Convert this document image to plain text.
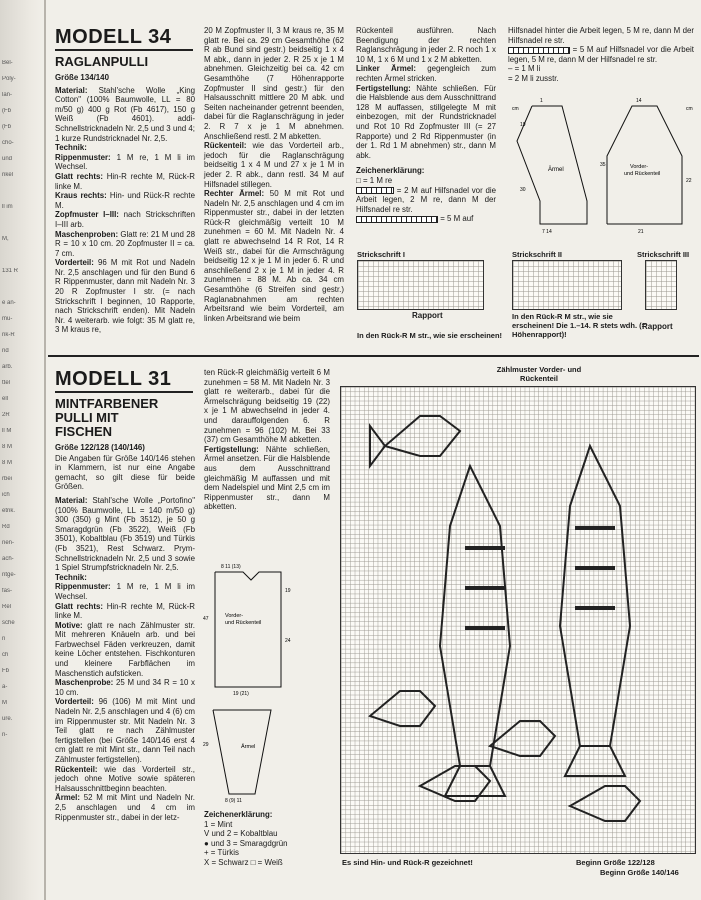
Bel-
Poly-
lan-
(Fb
(Fb
cho-
und
rikel
ll im
M,
131 R
e an-
mu-
rik-R
nd
arb.
ttel
ell
2R
ll M
8 M
8 M
rbei
ich
etrik.
Rd
nen-
ach-
ntge-
fas-
Rel
sche
n
ch
Fb
a-
M
ure.
n-
MODELL 34
RAGLANPULLI
Größe 134/140

Material: Stahl'sche Wolle „King Cotton" (100% Baumwolle, LL = 80 m/50 g) 400 g Rot (Fb 4617), 150 g Weiß (Fb 4601). addi-Schnellstricknadeln Nr. 2,5 und 3 und 4; 1 kurze Rundstricknadel Nr. 2,5.

Technik:

Rippenmuster: 1 M re, 1 M li im Wechsel.

Glatt rechts: Hin-R rechte M, Rück-R linke M.

Kraus rechts: Hin- und Rück-R rechte M.

Zopfmuster I–III: nach Strickschriften I–III arb.

Maschenproben: Glatt re: 21 M und 28 R = 10 x 10 cm. 20 Zopfmuster II = ca. 7 cm.

Vorderteil: 96 M mit Rot und Nadeln Nr. 2,5 anschlagen und für den Bund 6 R Rippenmuster, dann mit Nadeln Nr. 3 20 R Zopfmuster I str. (= nach Strickschrift I beginnen, 10 Rapporte, nach Strickschrift enden). Mit Nadeln Nr. 4 weiterarb. wie folgt: 35 M glatt re, 3 M kraus re,

20 M Zopfmuster II, 3 M kraus re, 35 M glatt re. Bei ca. 29 cm Gesamthöhe (62 R ab Bund sind gestr.) beidseitig 1 x 4 M abk., dann in jeder 2. R 25 x je 1 M abnehmen. Gleichzeitig bei ca. 42 cm Gesamthöhe (7 Höhenrapporte Zopfmuster II sind gestr.) für den Halsausschnitt mittlere 20 M abk. und Seiten nacheinander getrennt beenden, dabei für die Raglanschrägung in jeder 2. R 7 x je 1 M abnehmen. Anschließend restl. 2 M abketten.

Rückenteil: wie das Vorderteil arb., jedoch für die Raglanschrägung beidseitig 1 x 4 M und 27 x je 1 M in jeder 2. R abk., dann restl. 34 M auf Hilfsnadel stillegen.

Rechter Ärmel: 50 M mit Rot und Nadeln Nr. 2,5 anschlagen und 4 cm im Rippenmuster str., dabei in der letzten Rück-R gleichmäßig verteilt 10 M zunehmen = 60 M. Mit Nadeln Nr. 4 glatt re abwechselnd 14 R Rot, 14 R Weiß str., dabei für die Armschrägung beidseitig 12 x je 1 M in jeder 6. R und anschließend 2 x je 1 M in jeder 4. R zunehmen = 88 M. Ab ca. 34 cm Gesamthöhe (6 Streifen sind gestr.) Raglanabnahmen am rechten Arbeitsrand wie beim Vorderteil, am linken Arbeitsrand wie beim

Rückenteil ausführen. Nach Beendigung der rechten Raglanschrägung in jeder 2. R noch 1 x 10 M, 1 x 6 M und 1 x 2 M abketten.

Linker Ärmel: gegengleich zum rechten Ärmel stricken.

Fertigstellung: Nähte schließen. Für die Halsblende aus dem Ausschnittrand 128 M auffassen, stillgelegte M mit einbezogen, mit der Rundstricknadel und Rot 10 Rd Zopfmuster III (= 27 Rapporte) und 2 Rd Rippenmuster (in der 1. Rd 1 M abnehmen) str., dann M abk.

Zeichenerklärung:

□ = 1 M re

= 2 M auf Hilfsnadel vor die Arbeit legen, 2 M re, dann M der Hilfsnadel re str.

= 5 M auf

Hilfsnadel hinter die Arbeit legen, 5 M re, dann M der Hilfsnadel re str.

= 5 M auf Hilfsnadel vor die Arbeit legen, 5 M re, dann M der Hilfsnadel re str.

– = 1 M li

= 2 M li zusstr.

Ärmel
cm
1
19
30
7 14
Vorder-
und Rückenteil
14
cm
22
35
21
Strickschrift I
Rapport
In den Rück-R M str., wie sie erscheinen!
Strickschrift II
In den Rück-R M str., wie sie erscheinen! Die 1.–14. R stets wdh. (= Höhenrapport)!
Strickschrift III
Rapport
MODELL 31
MINTFARBENER
PULLI MIT
FISCHEN
Größe 122/128 (140/146)

Die Angaben für Größe 140/146 stehen in Klammern, ist nur eine Angabe gemacht, so gilt diese für beide Größen.

Material: Stahl'sche Wolle „Portofino" (100% Baumwolle, LL = 140 m/50 g) 300 (350) g Mint (Fb 3512), je 50 g Smaragdgrün (Fb 3522), Weiß (Fb 3501), Kobaltblau (Fb 3519) und Türkis (Fb 3521), Rest Schwarz. Prym-Schnellstricknadeln Nr. 2,5 und 3 sowie 1 Spiel Strumpfstricknadeln Nr. 2,5.

Technik:

Rippenmuster: 1 M re, 1 M li im Wechsel.

Glatt rechts: Hin-R rechte M, Rück-R linke M.

Motive: glatt re nach Zählmuster str. Mit mehreren Knäueln arb. und bei Farbwechsel Fäden verkreuzen, damit keine Löcher entstehen. Fischkonturen und kleinere Farbflächen im Maschenstich aufsticken.

Maschenprobe: 25 M und 34 R = 10 x 10 cm.

Vorderteil: 96 (106) M mit Mint und Nadeln Nr. 2,5 anschlagen und 4 (6) cm im Rippenmuster str. Mit Nadeln Nr. 3 Teil glatt re nach Zählmuster fertigstellen (bei Größe 140/146 erst 4 cm glatt re mit Mint str., dann Teil nach Zählmuster fertigstellen).

Rückenteil: wie das Vorderteil str., jedoch ohne Motive sowie späteren Halsausschnittbeginn beachten.

Ärmel: 52 M mit Mint und Nadeln Nr. 2,5 anschlagen und 4 cm im Rippenmuster str., dabei in der letz-

ten Rück-R gleichmäßig verteilt 6 M zunehmen = 58 M. Mit Nadeln Nr. 3 glatt re weiterarb., dabei für die Ärmelschrägung beidseitig 19 (22) x je 1 M abwechselnd in jeder 4. und darauffolgenden 6. R zunehmen = 96 (102) M. Bei 33 (37) cm Gesamthöhe M abketten.

Fertigstellung: Nähte schließen, Ärmel ansetzen. Für die Halsblende aus dem Ausschnittrand gleichmäßig M auffassen und mit dem Nadelspiel und Mint 2,5 cm im Rippenmuster str., dann M abketten.

Vorder-
und Rückenteil
8 11 (13)
19
24
47
19 (21)
Ärmel
29
8 (9) 11
Zeichenerklärung:
1 = Mint
V und 2 = Kobaltblau
● und 3 = Smaragdgrün
+ = Türkis
X = Schwarz □ = Weiß
Zählmuster Vorder- und Rückenteil
Es sind Hin- und Rück-R gezeichnet!	Beginn Größe 122/128
Beginn Größe 140/146
